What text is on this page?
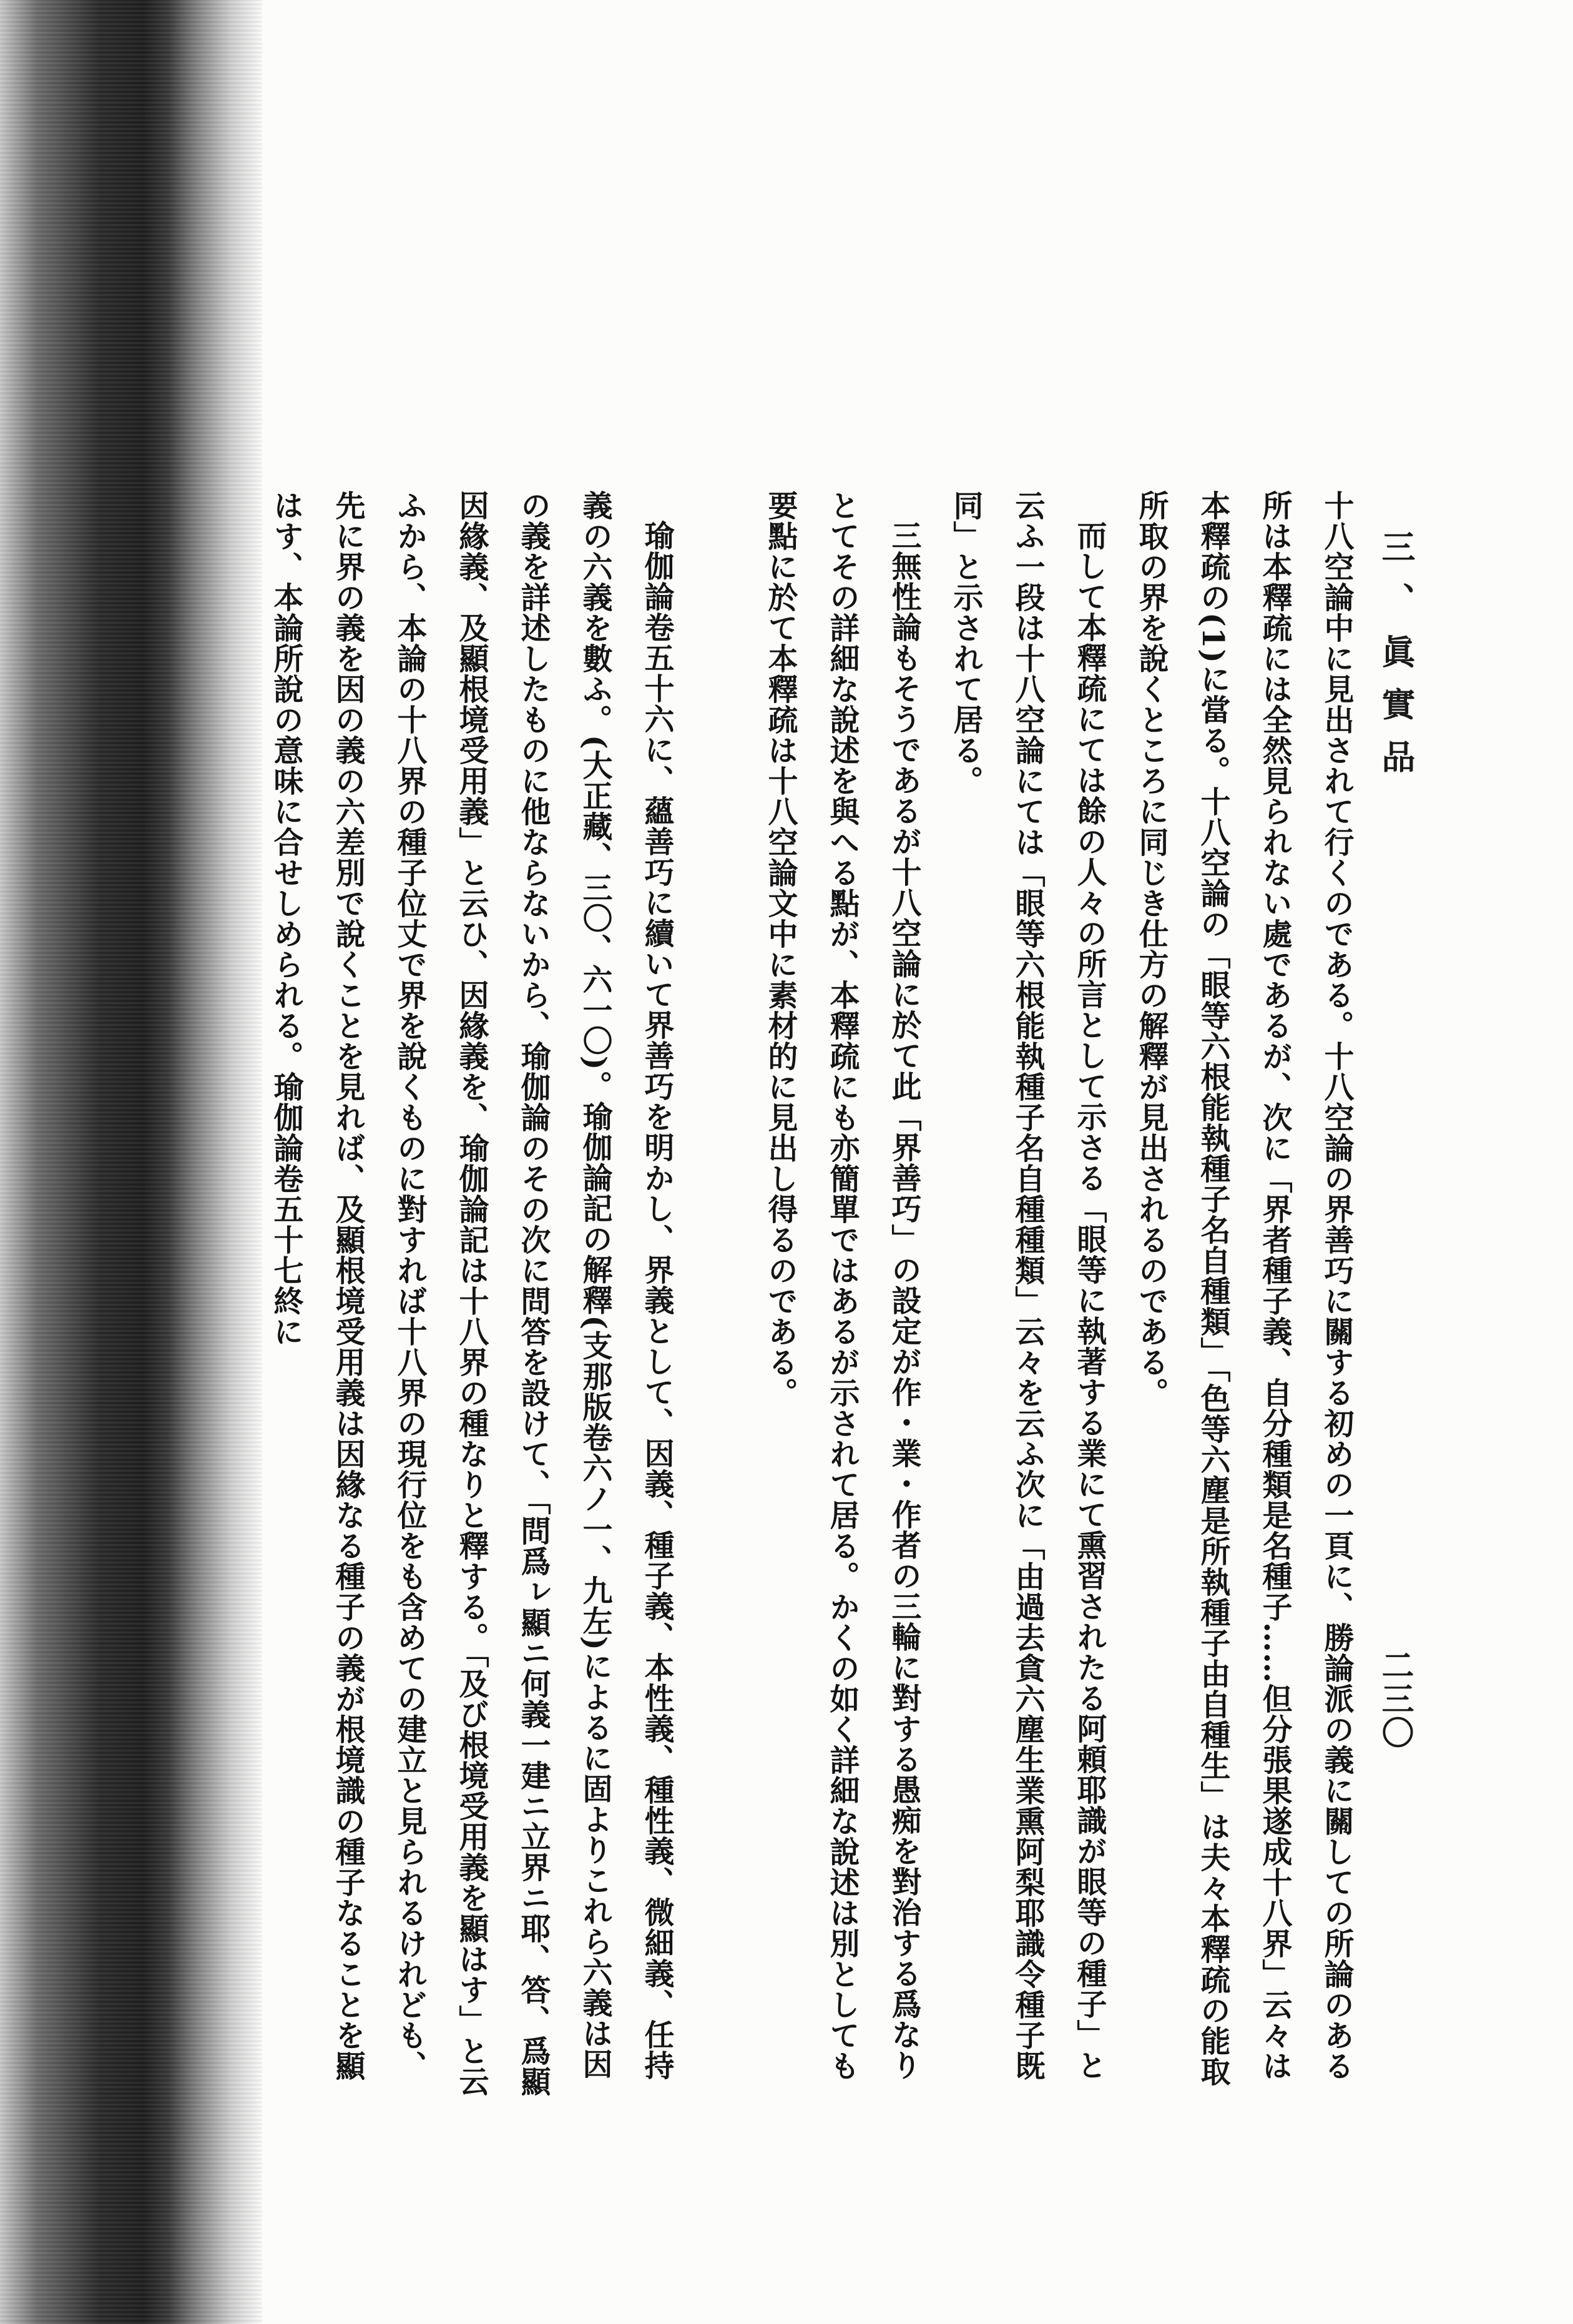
三、眞實品
二三〇

十八空論中に見出されて行くのである。十八空論の界善巧に關する初めの一頁に、勝論派の義に關しての所論のある所は本釋疏には全然見られない處であるが、次に「界者種子義、自分種類是名種子……但分張果遂成十八界」云々は本釋疏の(1)に當る。十八空論の「眼等六根能執種子名自種類」「色等六塵是所執種子由自種生」は夫々本釋疏の能取所取の界を說くところに同じき仕方の解釋が見出されるのである。

而して本釋疏にては餘の人々の所言として示さる「眼等に執著する業にて熏習されたる阿頼耶識が眼等の種子」と云ふ一段は十八空論にては「眼等六根能執種子名自種種類」云々を云ふ次に「由過去貪六塵生業熏阿梨耶識令種子既同」と示されて居る。

三無性論もそうであるが十八空論に於て此「界善巧」の設定が作・業・作者の三輪に對する愚痴を對治する爲なりとてその詳細な說述を與へる點が、本釋疏にも亦簡單ではあるが示されて居る。かくの如く詳細な說述は別としても要點に於て本釋疏は十八空論文中に素材的に見出し得るのである。

瑜伽論卷五十六に、蘊善巧に續いて界善巧を明かし、界義として、因義、種子義、本性義、種性義、微細義、任持義の六義を數ふ。(大正藏、三〇、六一〇)。瑜伽論記の解釋(支那版卷六ノ一、九左)によるに固よりこれら六義は因の義を詳述したものに他ならないから、瑜伽論のその次に問答を設けて、「問爲ㇾ顯ニ何義一建ニ立界ニ耶、答、爲顯因緣義、及顯根境受用義」と云ひ、因緣義を、瑜伽論記は十八界の種なりと釋する。「及び根境受用義を顯はす」と云ふから、本論の十八界の種子位丈で界を說くものに對すれば十八界の現行位をも含めての建立と見られるけれども、先に界の義を因の義の六差別で說くことを見れば、及顯根境受用義は因緣なる種子の義が根境識の種子なることを顯はす、本論所說の意味に合せしめられる。瑜伽論卷五十七終に
